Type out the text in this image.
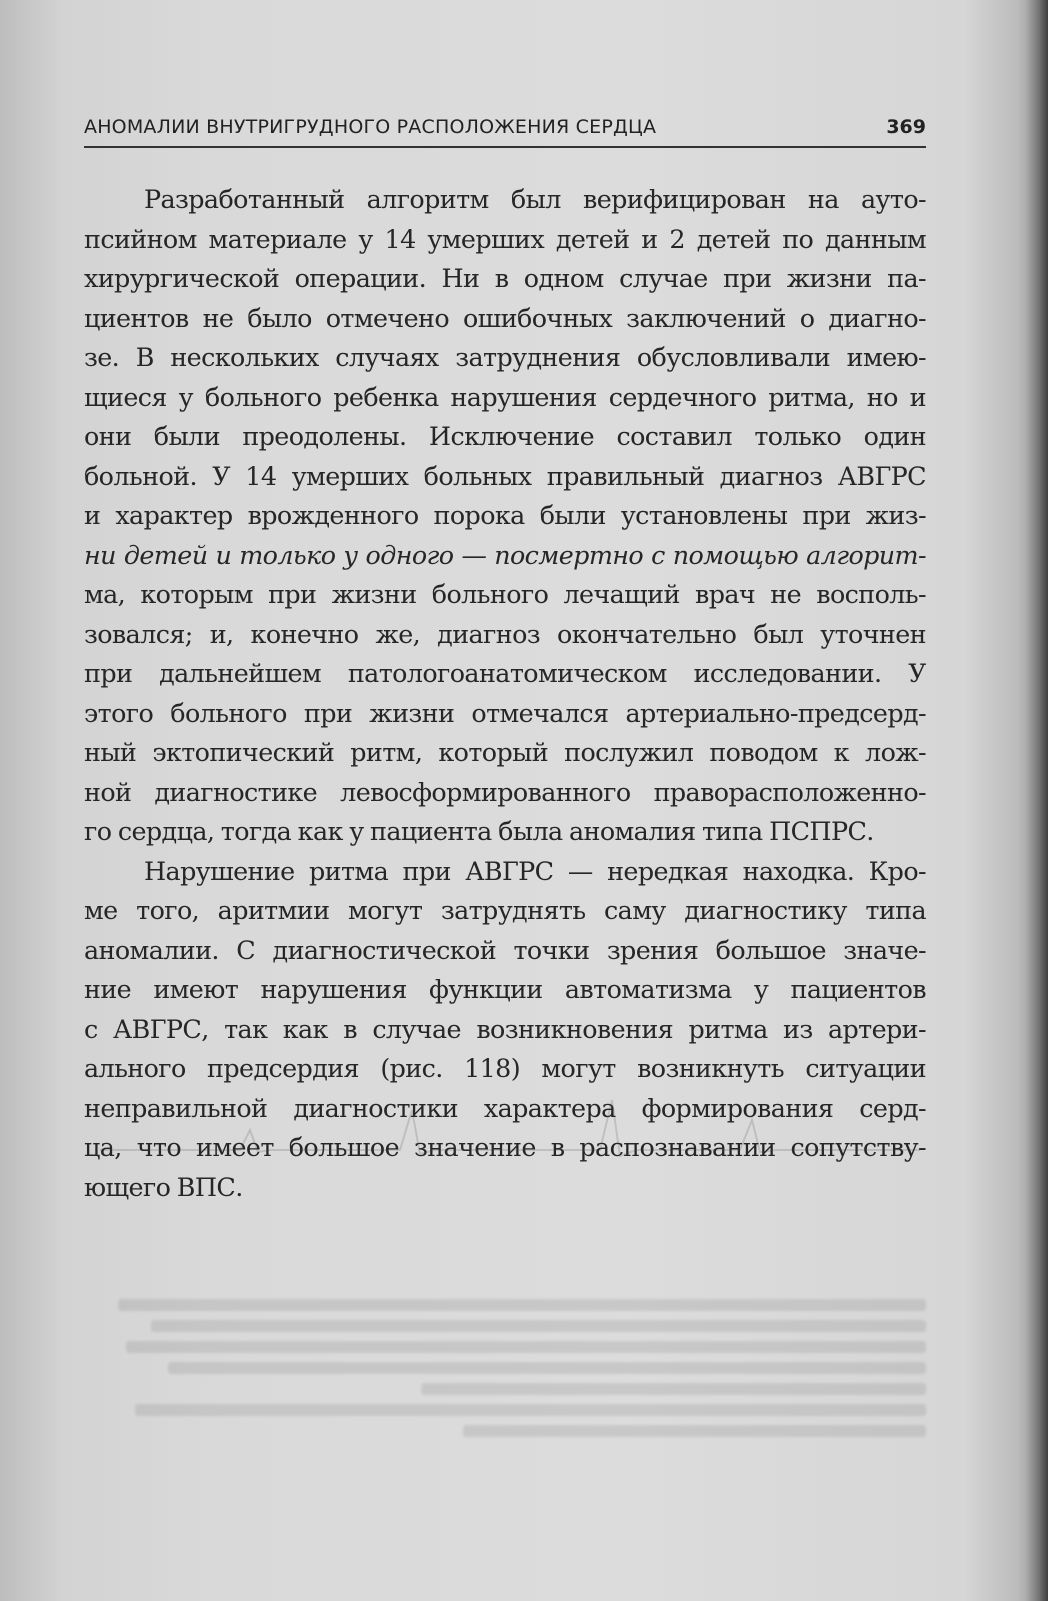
АНОМАЛИИ ВНУТРИГРУДНОГО РАСПОЛОЖЕНИЯ СЕРДЦА	369
Разработанный алгоритм был верифицирован на ауто-
псийном материале у 14 умерших детей и 2 детей по данным
хирургической операции. Ни в одном случае при жизни па-
циентов не было отмечено ошибочных заключений о диагно-
зе. В нескольких случаях затруднения обусловливали имею-
щиеся у больного ребенка нарушения сердечного ритма, но и
они были преодолены. Исключение составил только один
больной. У 14 умерших больных правильный диагноз АВГРС
и характер врожденного порока были установлены при жиз-
ни детей и только у одного — посмертно с помощью алгорит-
ма, которым при жизни больного лечащий врач не восполь-
зовался; и, конечно же, диагноз окончательно был уточнен
при дальнейшем патологоанатомическом исследовании. У
этого больного при жизни отмечался артериально-предсерд-
ный эктопический ритм, который послужил поводом к лож-
ной диагностике левосформированного праворасположенно-
го сердца, тогда как у пациента была аномалия типа ПСПРС.
Нарушение ритма при АВГРС — нередкая находка. Кро-
ме того, аритмии могут затруднять саму диагностику типа
аномалии. С диагностической точки зрения большое значе-
ние имеют нарушения функции автоматизма у пациентов
с АВГРС, так как в случае возникновения ритма из артери-
ального предсердия (рис. 118) могут возникнуть ситуации
неправильной диагностики характера формирования серд-
ца, что имеет большое значение в распознавании сопутству-
ющего ВПС.
